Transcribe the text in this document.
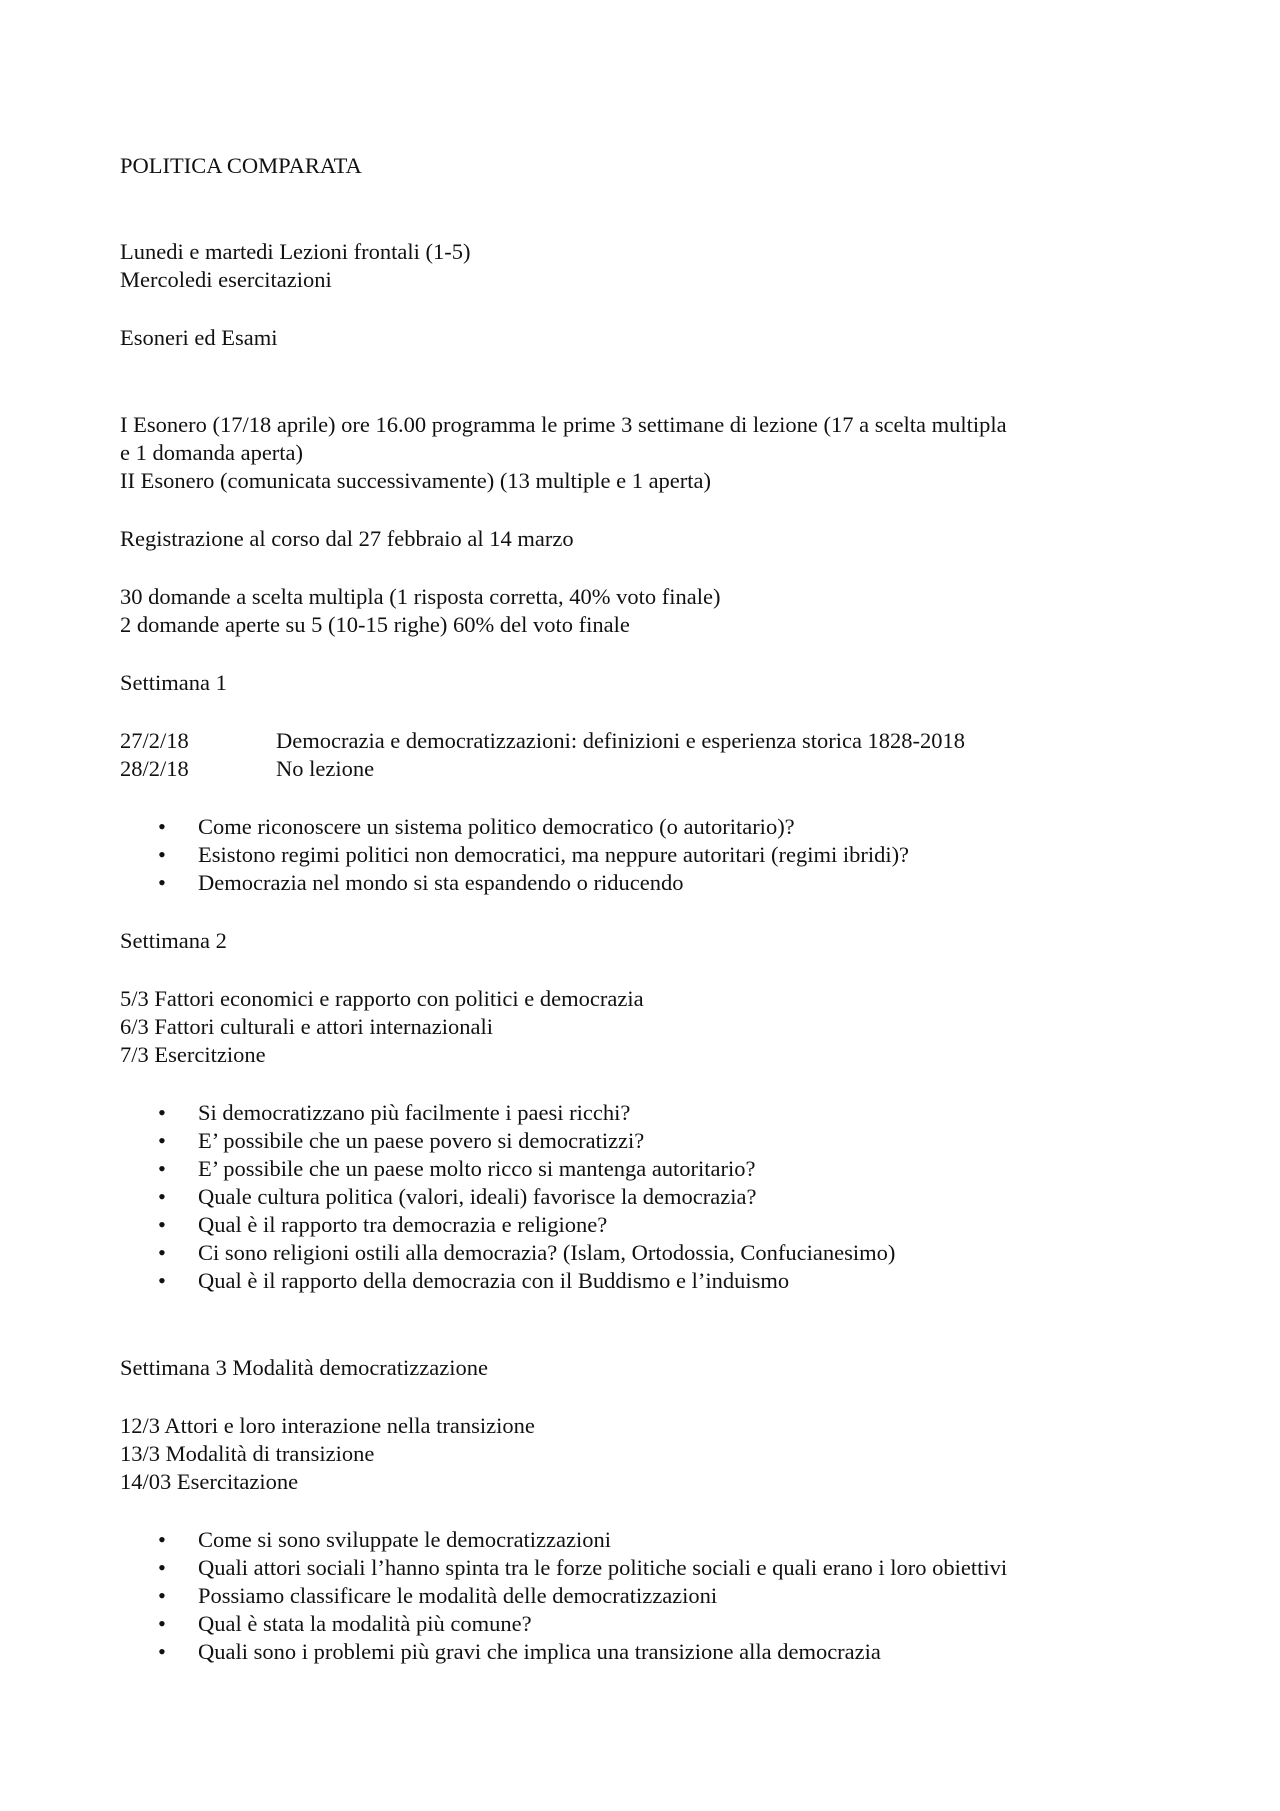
POLITICA COMPARATA
Lunedi e martedi Lezioni frontali (1-5)
Mercoledi esercitazioni
Esoneri ed Esami
I Esonero (17/18 aprile) ore 16.00 programma le prime 3 settimane di lezione (17 a scelta multipla
e 1 domanda aperta)
II Esonero (comunicata successivamente) (13 multiple e 1 aperta)
Registrazione al corso dal 27 febbraio al 14 marzo
30 domande a scelta multipla (1 risposta corretta, 40% voto finale)
2 domande aperte su 5 (10-15 righe) 60% del voto finale
Settimana 1
27/2/18	Democrazia e democratizzazioni: definizioni e esperienza storica 1828-2018
28/2/18	No lezione
• Come riconoscere un sistema politico democratico (o autoritario)?
• Esistono regimi politici non democratici, ma neppure autoritari (regimi ibridi)?
• Democrazia nel mondo si sta espandendo o riducendo
Settimana 2
5/3 Fattori economici e rapporto con politici e democrazia
6/3 Fattori culturali e attori internazionali
7/3 Esercitzione
• Si democratizzano più facilmente i paesi ricchi?
• E’ possibile che un paese povero si democratizzi?
• E’ possibile che un paese molto ricco si mantenga autoritario?
• Quale cultura politica (valori, ideali) favorisce la democrazia?
• Qual è il rapporto tra democrazia e religione?
• Ci sono religioni ostili alla democrazia? (Islam, Ortodossia, Confucianesimo)
• Qual è il rapporto della democrazia con il Buddismo e l’induismo
Settimana 3 Modalità democratizzazione
12/3 Attori e loro interazione nella transizione
13/3 Modalità di transizione
14/03 Esercitazione
• Come si sono sviluppate le democratizzazioni
• Quali attori sociali l’hanno spinta tra le forze politiche sociali e quali erano i loro obiettivi
• Possiamo classificare le modalità delle democratizzazioni
• Qual è stata la modalità più comune?
• Quali sono i problemi più gravi che implica una transizione alla democrazia
